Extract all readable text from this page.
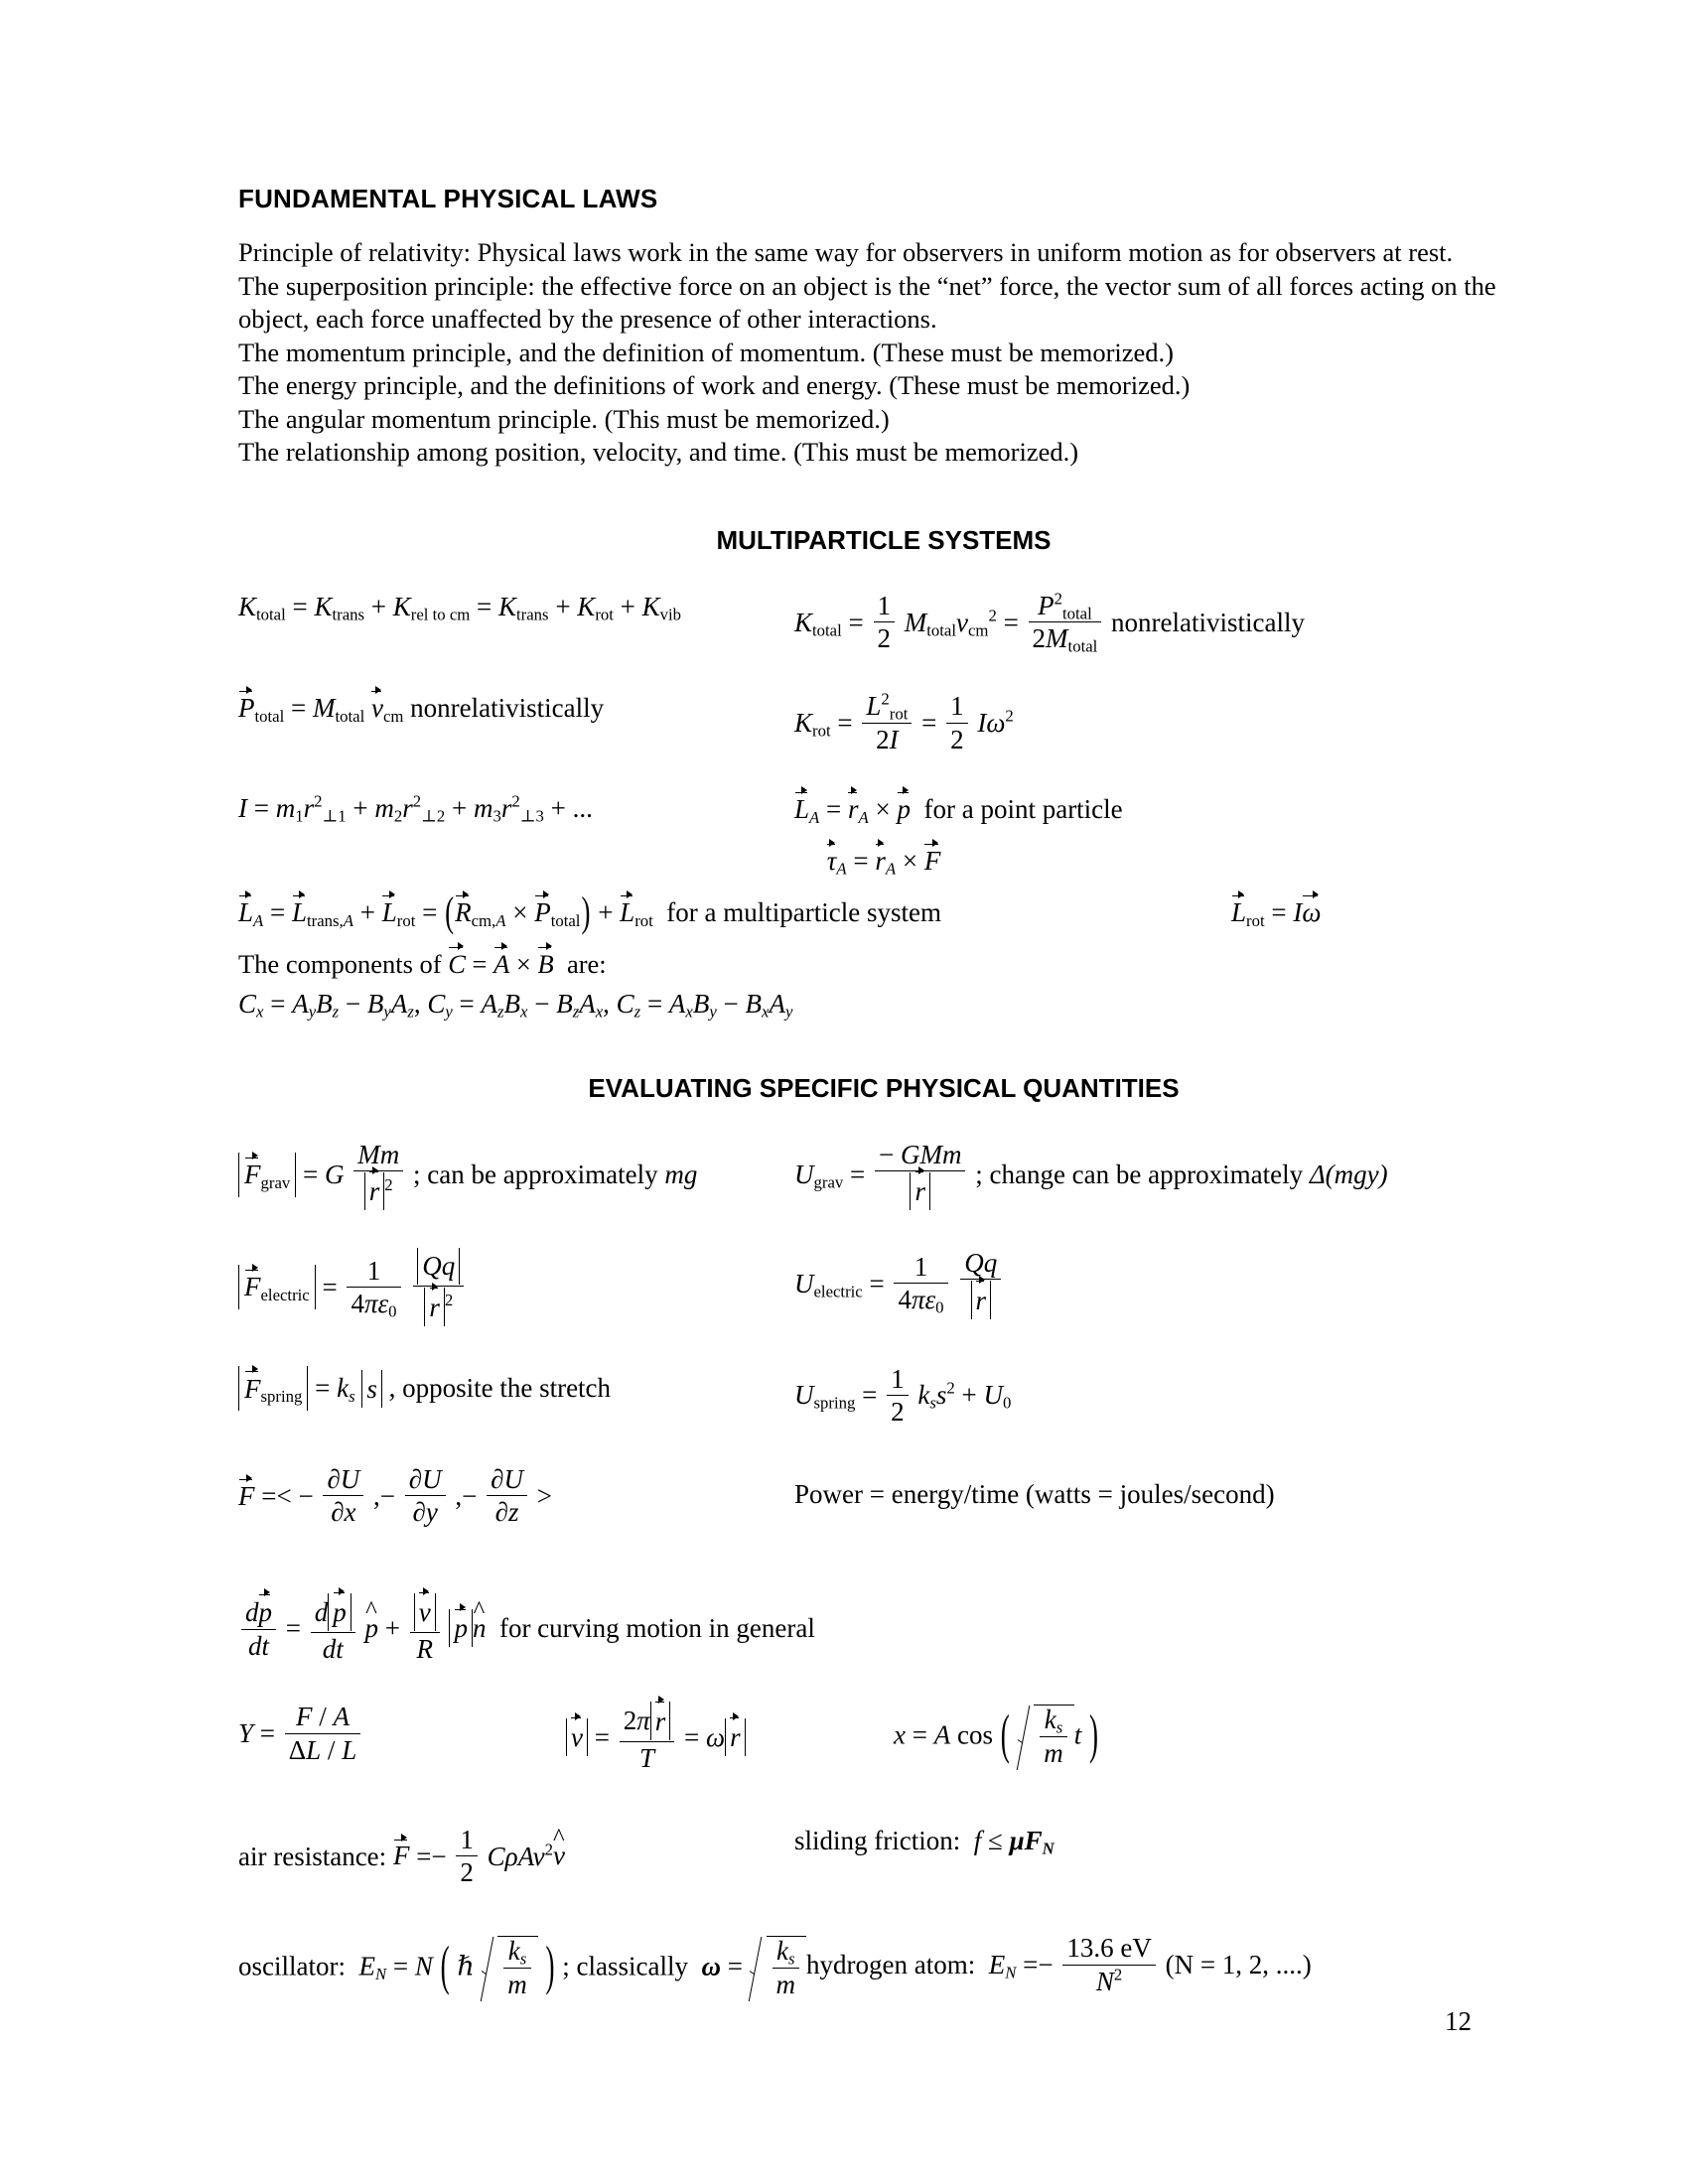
FUNDAMENTAL PHYSICAL LAWS

Principle of relativity: Physical laws work in the same way for observers in uniform motion as for observers at rest.

The superposition principle: the effective force on an object is the “net” force, the vector sum of all forces acting on the object, each force unaffected by the presence of other interactions.

The momentum principle, and the definition of momentum. (These must be memorized.)

The energy principle, and the definitions of work and energy. (These must be memorized.)

The angular momentum principle. (This must be memorized.)

The relationship among position, velocity, and time. (This must be memorized.)

MULTIPARTICLE SYSTEMS
$K_{total} = K_{trans} + K_{rel to cm} = K_{trans} + K_{rot} + K_{vib}$	$K_{total} = \frac{1}{2} M_{total}v_{cm}^2 = \frac{P^2_{total}}{2M_{total}}$ nonrelativistically
$P_{total} = M_{total}$ $v_{cm}$ nonrelativistically	$K_{rot} = \frac{L^2_{rot}}{2I} = \frac{1}{2} I\omega^2$
$I = m_1r^2_{\perp 1} + m_2r^2_{\perp 2} + m_3r^2_{\perp 3}$ + ...	$L_A = r_A \times p$ for a point particle
$\tau_A = r_A \times F$
$L_A = L_{trans,A} + L_{rot} = (R_{cm,A} \times P_{total}) + L_{rot}$ for a multiparticle system	$L_{rot} = I\omega$
The components of C = A × B are:
$C_x = A_yB_z - B_yA_z$, $C_y = A_zB_x - B_zA_x$, $C_z = A_xB_y - B_xA_y$
EVALUATING SPECIFIC PHYSICAL QUANTITIES
$F_{grav} = G \frac{Mm}{r ^2}$ ; can be approximately mg	$U_{grav} = \frac{\text{− GMm}}{r}$ ; change can be approximately Δ(mgy)
$F_{electric} = \frac{1}{4\pi\varepsilon_0}$
$\frac{Qq}{r ^2}$	$U_{electric} = \frac{1}{4\pi\varepsilon_0}$
$\frac{Qq}{r}$
$F_{spring} = k_s$ s , opposite the stretch	$U_{spring} = \frac{1}{2} k_ss^2 + U_0$
F =< − $\frac{\partial U}{\partial x}$ ,− $\frac{\partial U}{\partial y}$ ,− $\frac{\partial U}{\partial z}$ >	Power = energy/time (watts = joules/second)
$\frac{dp}{dt} = \frac{\text{d p}}{dt}$ ^ $p + \frac{v}{R}$ p ^ n for curving motion in general
$Y = \frac{F / A}{\Delta L / L}$	$v = \frac{\text{2π r}}{T} = \omega$ r	x = A cos ( $\frac{k_s}{m}$ t )
air resistance: $F =- \frac{1}{2}$ CρAv$^2$^ v
sliding friction: $f \le \mu F_N$
oscillator: $E_N = N$ ( ℏ $\frac{k_s}{m}$ ) ; classically $\omega = \frac{k_s}{m}$ hydrogen atom: $E_N =- \frac{13.6 eV}{N^2} (N = 1$, 2, ....)
12
